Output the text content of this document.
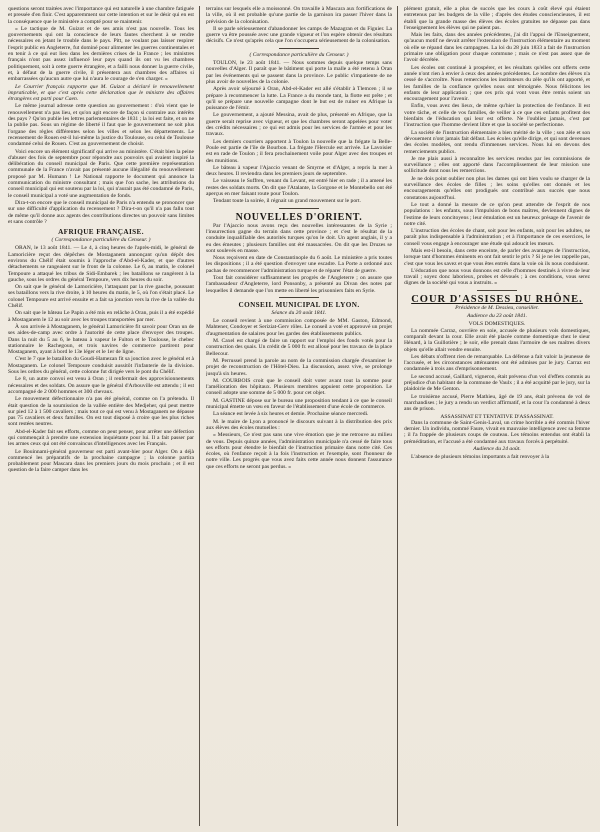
questions seront traitées avec l'importance qui est naturelle à une chambre fatiguée et pressée d'en finir. C'est apparemment sur cette intention et sur le désir qui en est la conséquence que le ministère a compté pour se maintenir.

« Le tactique de M. Guizot et de ses amis n'est pas nouvelle. Tous les gouvernements qui ont la conscience de leurs fautes cherchent à se rendre nécessaires en jetant le trouble dans le pays. Pitt, ne voulant pas laisser respirer l'esprit public en Angleterre, fut dominé pour alimenter les guerres continentales et en tenir à ce qui eut lieu dans les dernières crises de la France ; les ministres français n'ont pas assez influencé leur pays quand ils ont vu les chambres politiquement, soit à cette guerre étrangère, et a failli nous donner la guerre civile, et, à défaut de la guerre civile, il présentera aux chambres des affaires si embarrassées qu'aucun autre que lui n'aura le courage de s'en charger. »

Le Courrier français rapporte que M. Guizot a déclaré le renouvellement impraticable, et que c'est après cette déclaration que le ministre des affaires étrangères est parti pour Caen.

Le même journal adresse cette question au gouvernement : d'où vient que le renouvellement n'a pas lieu, et qu'on agit encore de façon si contraire aux intérêts des pays ? Qu'on publie les lettres parlementaires de 1831 ; la loi est faite, et on ne la publie pas. Sous un régime de liberté il faut que le gouvernement ne soit plus l'organe des règles différentes selon les villes et selon les départements. Le recensement de Rouen est-il lui-même la justice du Toulouse, ou celui de Toulouse condamné celui de Rouen. C'est au gouvernement de choisir.

Voici encore un élément significatif qui arrive au ministère. C'était bien la peine d'abuser des fois de septembre pour répondre aux pouvoirs qui avaient inspiré la délibération du conseil municipal de Paris. Que cette première représentation communale de la France n'avait pas présenté aucune illégalité du renouvellement proposé par M. Humann ! Le National rapporte le document qui annonce la communication du ministre consultant ; mais que l'on sache, les attributions du conseil municipal qui est soutenu par la loi, qui n'aurait pas été condamné de Paris, le conseil municipal a voté une augmentation de fonds.

Dira-t-on encore que le conseil municipal de Paris n'a entendu se prononcer que sur une difficulté d'application du recensement ? Dira-t-on qu'il n'a pas fallu tout de même qu'il donne aux agents des contributions directes un pouvoir sans limites et sans contrôle ?

AFRIQUE FRANÇAISE.
( Correspondance particulière du Censeur. )

ORAN, le 13 août 1841. — Le 4, à cinq heures de l'après-midi, le général de Lamoricière reçut des dépêches de Mostaganem annonçant qu'un dépôt des environs du Chélif était soumis à l'approche d'Abd-el-Kader, et que d'autres détachements se rangeaient sur le front de la colonne. Le 6, au matin, le colonel Tempoure a attaqué les tribus de Sidi-Embarek ; les bataillons se rangèrent à la gauche, sous les ordres du général Tempoure, vers dix heures du soir.

On sait que le général de Lamoricière, l'attaquant par la rive gauche, poussant ses bataillons vers la rive droite, à 10 heures du matin, le 5, où l'on s'était placé. Le colonel Tempoure est arrivé ensuite et a fait sa jonction vers la rive de la vallée du Chélif.

On sait que le bâteau Le Papin a été mis en relâche à Oran, puis il a été expédié à Mostaganem le 12 au soir avec les troupes transportées par mer.

À son arrivée à Mostaganem, le général Lamoricière fit savoir pour Oran un de ses aides-de-camp avec ordre à l'autorité de cette place d'envoyer des troupes. Dans la nuit du 5 au 6, le bateau à vapeur le Fulton et le Toulouse, le chebec stationnaire le Rachegoun, et trois navires de commerce partirent pour Mostaganem, ayant à bord le 13e léger et le 1er de ligne.

C'est le 7 que le bataillon du Goudi-Hamezan fit sa jonction avec le général et à Mostaganem. Le colonel Tempoure conduisit aussitôt l'infanterie de la division. Sous les ordres du général, cette colonne fut dirigée vers le pont du Chélif.

Le 8, un autre convoi est venu à Oran ; il renfermait des approvisionnements nécessaires et des soldats. On assure que le général d'Arbouville est attendu ; il est accompagné de 2 000 hommes et 300 chevaux.

Le mouvement défectionnaire n'a pas été général, comme on l'a prétendu. Il était question de la soumission de la vallée entière des Medjeher, qui peut mettre sur pied 12 à 1 500 cavaliers ; mais tout ce qui est venu à Mostaganem ne dépasse pas 75 cavaliers et deux familles. On est tout disposé à croire que les plus riches sont restées neutres.

Abd-el-Kader fait ses efforts, comme on peut penser, pour arrêter une défection qui commençait à prendre une extension inquiétante pour lui. Il a fait passer par les armes ceux qui ont été convaincus d'intelligences avec les Français.

Le Bouinnami-général gouverneur est parti avant-hier pour Alger. On a déjà commencé les préparatifs de la prochaine campagne ; la colonne partira probablement pour Mascara dans les premiers jours du mois prochain ; et il est question de la faire camper dans les

terrains sur lesquels elle a moissonné. On travaille à Mascara aux fortifications de la ville, où il est probable qu'une partie de la garnison ira passer l'hiver dans la prévision de la colonisation.

Il se parle sérieusement d'abandonner les camps de Mazagran et du Figuier. La guerre va être poussée avec une grande vigueur et l'on espère obtenir des résultats décisifs. Ce n'est qu'après cela que l'on s'occupera sérieusement de la colonisation.

( Correspondance particulière du Censeur. )

TOULON, le 23 août 1841. — Nous sommes depuis quelque temps sans nouvelles d'Alger. Il paraît que le bâtiment qui porte la malle a été retenu à Oran par les événements qui se passent dans la province. Le public s'impatiente de ne plus avoir de nouvelles de la colonie.

Après avoir séjourné à Oran, Abd-el-Kader est allé s'établir à Tlemcen ; il se prépare à recommencer la lutte. La France a du monde tant, la flotte est prête ; et qu'il se prépare une nouvelle campagne dont le but est de ruiner en Afrique la puissance de l'émir.

Le gouvernement, a ajouté Messina, avait de plus, présenté en Afrique, que la guerre serait reprise avec vigueur, et que les chambres seront appelées pour voter des crédits nécessaires ; ce qui est admis pour les services de l'armée et pour les travaux.

Les derniers courriers apportent à Toulon la nouvelle que la frégate la Belle-Poule est partie de l'île de Bourbon. La frégate l'Hercule est arrivée. Le Lavoisier est en rade de Toulon ; il fera prochainement voile pour Alger avec des troupes et des munitions.

Le bâteau à vapeur l'Ajaccio venant de Smyrne et d'Alger, a repris la mer à deux heures. Il reviendra dans les premiers jours de septembre.

Le vaisseau le Suffren, venant du Levant, est entré hier en rade ; il a amené les restes des soldats morts. On dit que l'Atalante, la Gorgone et le Montebello ont été aperçus en mer faisant route pour Toulon.

Tendant toute la soirée, il régnait un grand mouvement sur le port.

NOUVELLES D'ORIENT.

Par l'Ajaccio nous avons reçu des nouvelles intéressantes de la Syrie ; l'insurrection gagne du terrain dans cette province ; et c'est le résultat de la conduite inqualifiable des autorités turques qu'on le doit. Un agent anglais, il y a eu des émeutes ; plusieurs familles ont été massacrées. On dit que les Druzes se sont soulevés en masse.

Nous reçoivent en date de Constantinople du 6 août. Le ministère a pris toutes les dispositions ; il a été question d'envoyer une escadre. La Porte a ordonné aux pachas de recommencer l'administration turque et de réparer l'état de guerre.

Tout fait considérer suffisamment les progrès de l'Angleterre ; on assure que l'ambassadeur d'Angleterre, lord Ponsonby, a présenté au Divan des notes par lesquelles il demande que l'on mette en liberté les prisonniers faits en Syrie.

CONSEIL MUNICIPAL DE LYON.
Séance du 20 août 1841.

Le conseil revient à une commission composée de MM. Gaston, Edmond, Mahtener, Condoyer et Seriziat-Gerv rôles. Le conseil a voté et approuvé un projet d'augmentation de salaires pour les gardes des établissements publics.

M. Caxel est chargé de faire un rapport sur l'emploi des fonds votés pour la construction des quais. Un crédit de 5 000 fr. est alloué pour les travaux de la place Bellecour.

M. Perrussel prend la parole au nom de la commission chargée d'examiner le projet de reconstruction de l'Hôtel-Dieu. La discussion, assez vive, se prolonge jusqu'à six heures.

M. COURBOIS croit que le conseil doit voter avant tout la somme pour l'amélioration des hôpitaux. Plusieurs membres appuient cette proposition. Le conseil adopte une somme de 5 000 fr. pour cet objet.

M. GASTINE dépose sur le bureau une proposition tendant à ce que le conseil municipal émette un vœu en faveur de l'établissement d'une école de commerce.

La séance est levée à six heures et demie. Prochaine séance mercredi.

M. le maire de Lyon a prononcé le discours suivant à la distribution des prix aux élèves des écoles mutuelles :

« Messieurs, Ce n'est pas sans une vive émotion que je me retrouve au milieu de vous. Depuis quinze années, l'administration municipale n'a cessé de faire tous ses efforts pour étendre le bienfait de l'instruction primaire dans notre cité. Ces écoles, où l'enfance reçoit à la fois l'instruction et l'exemple, sont l'honneur de notre ville. Les progrès que vous avez faits cette année nous donnent l'assurance que ces efforts ne seront pas perdus. »

plément gratuit, elle a plus de succès que les cours à coût élevé qui étaient entretenus par les budgets de la ville ; d'après des études consciencieuses, il est établi que la grande masse des élèves des écoles gratuites ne dépasse pas dans l'enseignement les élèves qui ne paient pas.

Mais les faits, dans des années précédentes, j'ai dit l'appui de l'Enseignement, qu'aucun motif ne devait arrêter l'extension de l'instruction élémentaire au moment où elle se répand dans les campagnes. La loi du 28 juin 1833 a fait de l'instruction primaire une obligation pour chaque commune ; mais ce n'est pas assez que de l'avoir décrétée.

Les écoles ont continué à prospérer, et les résultats qu'elles ont offerts cette année n'ont rien à envier à ceux des années précédentes. Le nombre des élèves n'a cessé de s'accroître. Nous remercions les instituteurs du zèle qu'ils ont apporté, et les familles de la confiance qu'elles nous ont témoignée. Nous félicitons les enfants de leur application ; que ces prix qui vont vous être remis soient un encouragement pour l'avenir.

Enfin, vous avez des lieux, de même qu'hier la protection de l'enfance. Il est votre tâche, et celle de vos familles, de veiller à ce que ces enfants profitent des bienfaits de l'éducation qui leur est offerte. Ne l'oubliez jamais, c'est par l'instruction que l'homme devient libre et que la société se perfectionne.

La société de l'instruction élémentaire a bien mérité de la ville ; son zèle et son dévouement n'ont jamais fait défaut. Les écoles qu'elle dirige, et qui sont devenues des écoles modèles, ont rendu d'immenses services. Nous lui en devons des remerciements publics.

Je me plais aussi à reconnaître les services rendus par les commissions de surveillance ; elles ont apporté dans l'accomplissement de leur mission une sollicitude dont nous les remercions.

Je ne dois point oublier non plus les dames qui ont bien voulu se charger de la surveillance des écoles de filles ; les soins qu'elles ont donnés et les encouragements qu'elles ont prodigués ont contribué aux succès que nous constatons aujourd'hui.

Le tout a donné la mesure de ce qu'on peut attendre de l'esprit de nos populations : les enfants, sous l'impulsion de bons maîtres, deviennent dignes de l'estime de leurs concitoyens ; leur émulation est un heureux présage de l'avenir de notre cité.

L'instruction des écoles de chant, soit pour les enfants, soit pour les adultes, ne paraît plus indispensable à l'administration ; et à l'importance de ces exercices, le conseil vous engage à encourager une étude qui adoucit les mœurs.

Mais est-il besoin, dans cette enceinte, de parler des avantages de l'instruction, lorsque tant d'hommes éminents en ont fait sentir le prix ? Si je ne les rappelle pas, c'est que vous les savez et que vous êtes entrés dans la voie où ils nous conduisent.

L'éducation que nous vous donnons est celle d'hommes destinés à vivre de leur travail ; soyez donc laborieux, probes et dévoués ; à ces conditions, vous serez dignes de la société qui vous a instruits. »

COUR D'ASSISES DU RHÔNE.
Présidence de M. Dessieu, conseiller.
Audience du 23 août 1841.
VOLS DOMESTIQUES.

La nommée Carraz, ouvrière en soie, accusée de plusieurs vols domestiques, comparaît devant la cour. Elle avait été placée comme domestique chez le sieur Hénard, à la Guillotière ; le soir, elle prenait dans l'armoire de ses maîtres divers objets qu'elle allait vendre ensuite.

Les débats n'offrent rien de remarquable. La défense a fait valoir la jeunesse de l'accusée, et les circonstances atténuantes ont été admises par le jury. Carraz est condamnée à trois ans d'emprisonnement.

Le second accusé, Gaillard, vigneron, était prévenu d'un vol d'effets commis au préjudice d'un habitant de la commune de Vaulx ; il a été acquitté par le jury, sur la plaidoirie de Me Genton.

Le troisième accusé, Pierre Mathieu, âgé de 19 ans, était prévenu de vol de marchandises ; le jury a rendu un verdict affirmatif, et la cour l'a condamné à deux ans de prison.

ASSASSINAT ET TENTATIVE D'ASSASSINAT.

Dans la commune de Saint-Genis-Laval, un crime horrible a été commis l'hiver dernier. Un individu, nommé Faure, vivait en mauvaise intelligence avec sa femme ; il l'a frappée de plusieurs coups de couteau. Les témoins entendus ont établi la préméditation, et l'accusé a été condamné aux travaux forcés à perpétuité.

Audience du 24 août.

L'absence de plusieurs témoins importants a fait renvoyer à la
